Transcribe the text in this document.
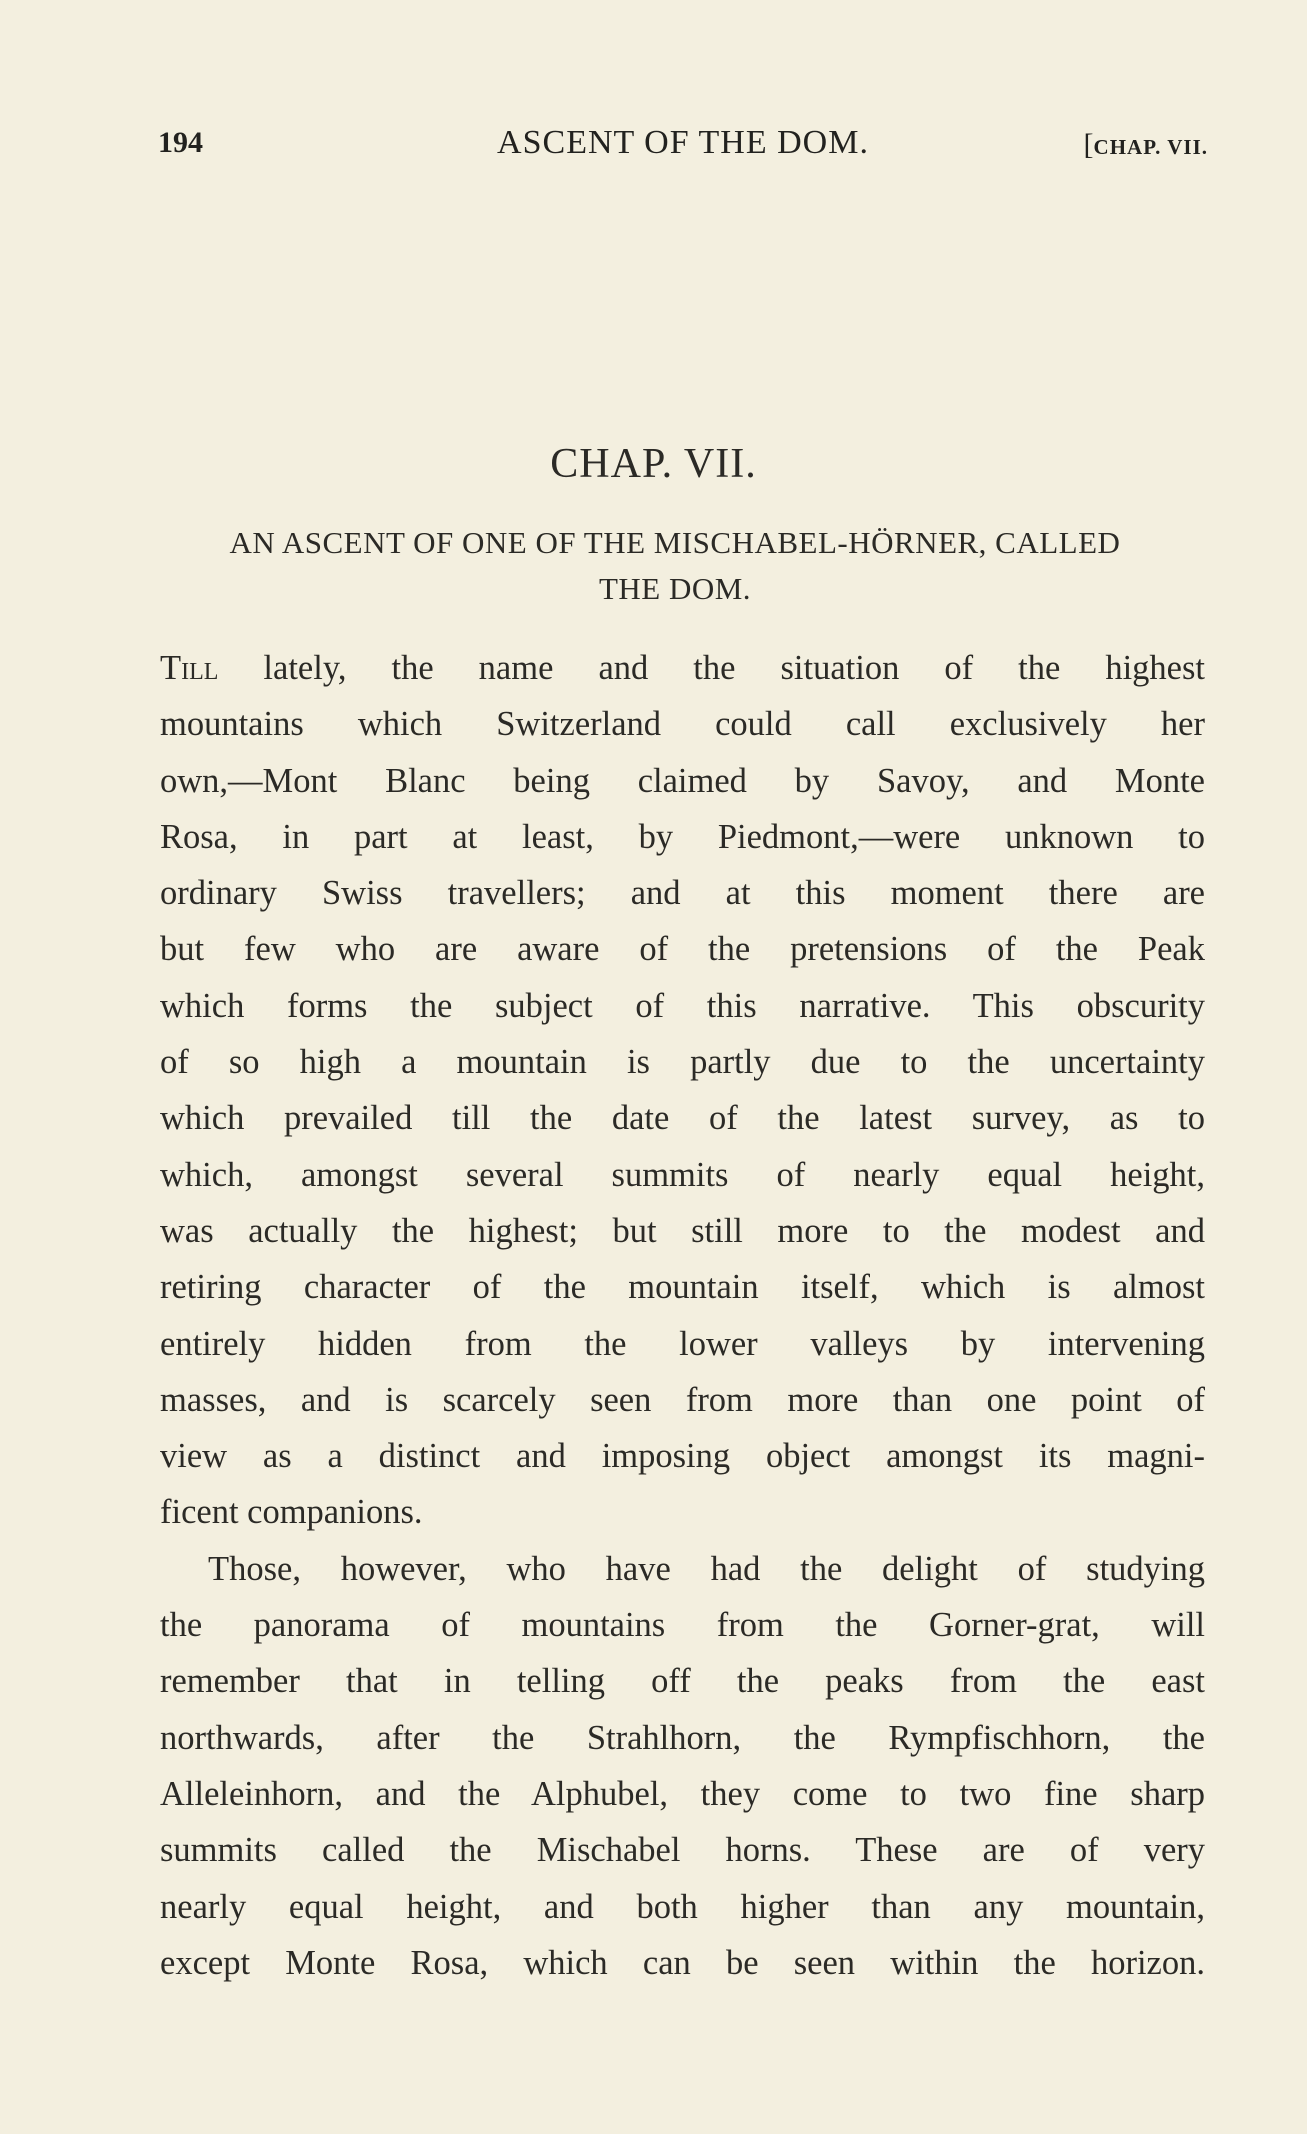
194	ASCENT OF THE DOM.	[CHAP. VII.
CHAP. VII.
AN ASCENT OF ONE OF THE MISCHABEL-HÖRNER, CALLED
THE DOM.
Till lately, the name and the situation of the highest
mountains which Switzerland could call exclusively her
own,—Mont Blanc being claimed by Savoy, and Monte
Rosa, in part at least, by Piedmont,—were unknown to
ordinary Swiss travellers; and at this moment there are
but few who are aware of the pretensions of the Peak
which forms the subject of this narrative. This obscurity
of so high a mountain is partly due to the uncertainty
which prevailed till the date of the latest survey, as to
which, amongst several summits of nearly equal height,
was actually the highest; but still more to the modest and
retiring character of the mountain itself, which is almost
entirely hidden from the lower valleys by intervening
masses, and is scarcely seen from more than one point of
view as a distinct and imposing object amongst its magni-
ficent companions.
Those, however, who have had the delight of studying
the panorama of mountains from the Gorner-grat, will
remember that in telling off the peaks from the east
northwards, after the Strahlhorn, the Rympfischhorn, the
Alleleinhorn, and the Alphubel, they come to two fine sharp
summits called the Mischabel horns. These are of very
nearly equal height, and both higher than any mountain,
except Monte Rosa, which can be seen within the horizon.
